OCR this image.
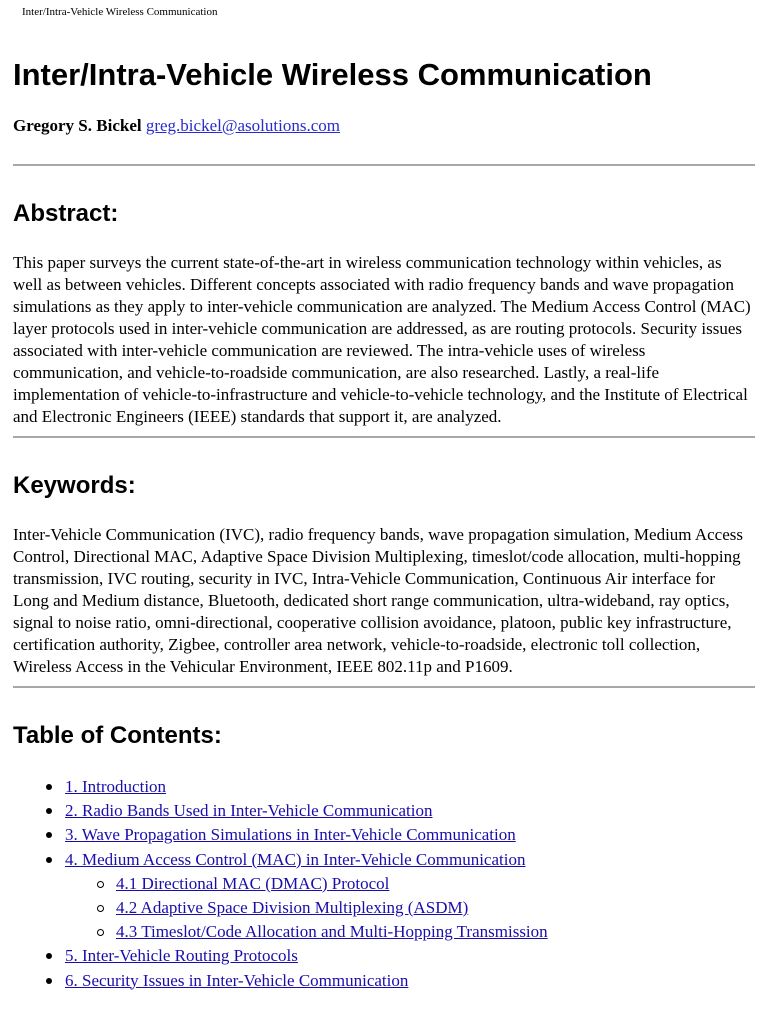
Inter/Intra-Vehicle Wireless Communication
Inter/Intra-Vehicle Wireless Communication

Gregory S. Bickel greg.bickel@asolutions.com

Abstract:

This paper surveys the current state-of-the-art in wireless communication technology within vehicles, as well as between vehicles. Different concepts associated with radio frequency bands and wave propagation simulations as they apply to inter-vehicle communication are analyzed. The Medium Access Control (MAC) layer protocols used in inter-vehicle communication are addressed, as are routing protocols. Security issues associated with inter-vehicle communication are reviewed. The intra-vehicle uses of wireless communication, and vehicle-to-roadside communication, are also researched. Lastly, a real-life implementation of vehicle-to-infrastructure and vehicle-to-vehicle technology, and the Institute of Electrical and Electronic Engineers (IEEE) standards that support it, are analyzed.

Keywords:

Inter-Vehicle Communication (IVC), radio frequency bands, wave propagation simulation, Medium Access Control, Directional MAC, Adaptive Space Division Multiplexing, timeslot/code allocation, multi-hopping transmission, IVC routing, security in IVC, Intra-Vehicle Communication, Continuous Air interface for Long and Medium distance, Bluetooth, dedicated short range communication, ultra-wideband, ray optics, signal to noise ratio, omni-directional, cooperative collision avoidance, platoon, public key infrastructure, certification authority, Zigbee, controller area network, vehicle-to-roadside, electronic toll collection, Wireless Access in the Vehicular Environment, IEEE 802.11p and P1609.

Table of Contents:
1. Introduction
2. Radio Bands Used in Inter-Vehicle Communication
3. Wave Propagation Simulations in Inter-Vehicle Communication
4. Medium Access Control (MAC) in Inter-Vehicle Communication
4.1 Directional MAC (DMAC) Protocol
4.2 Adaptive Space Division Multiplexing (ASDM)
4.3 Timeslot/Code Allocation and Multi-Hopping Transmission
5. Inter-Vehicle Routing Protocols
6. Security Issues in Inter-Vehicle Communication
